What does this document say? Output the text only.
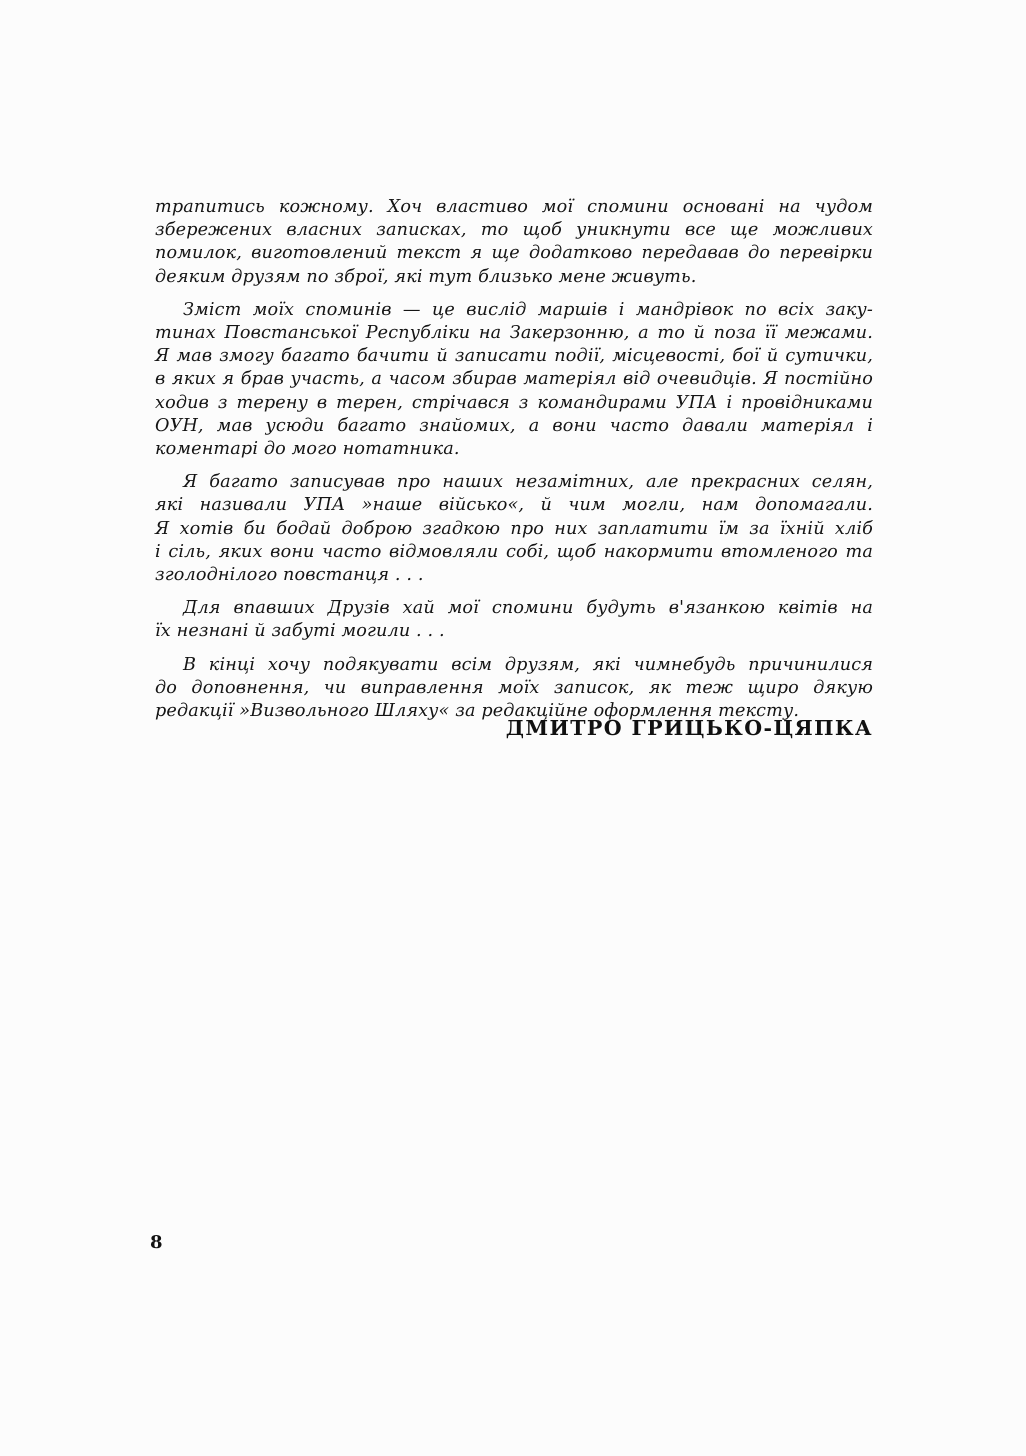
трапитись кожному. Хоч властиво мої спомини основані на чудом
збережених власних записках, то щоб уникнути все ще можливих
помилок, виготовлений текст я ще додатково передавав до перевірки
деяким друзям по зброї, які тут близько мене живуть.

Зміст моїх споминів — це вислід маршів і мандрівок по всіх заку-
тинах Повстанської Республіки на Закерзонню, а то й поза її межами.
Я мав змогу багато бачити й записати події, місцевості, бої й сутички,
в яких я брав участь, а часом збирав матеріял від очевидців. Я постійно
ходив з терену в терен, стрічався з командирами УПА і провідниками
ОУН, мав усюди багато знайомих, а вони часто давали матеріял і
коментарі до мого нотатника.

Я багато записував про наших незамітних, але прекрасних селян,
які називали УПА »наше військо«, й чим могли, нам допомагали.
Я хотів би бодай доброю згадкою про них заплатити їм за їхній хліб
і сіль, яких вони часто відмовляли собі, щоб накормити втомленого та
зголоднілого повстанця . . .

Для впавших Друзів хай мої спомини будуть в'язанкою квітів на
їх незнані й забуті могили . . .

В кінці хочу подякувати всім друзям, які чимнебудь причинилися
до доповнення, чи виправлення моїх записок, як теж щиро дякую
редакції »Визвольного Шляху« за редакційне оформлення тексту.

ДМИТРО ГРИЦЬКО-ЦЯПКА
8
